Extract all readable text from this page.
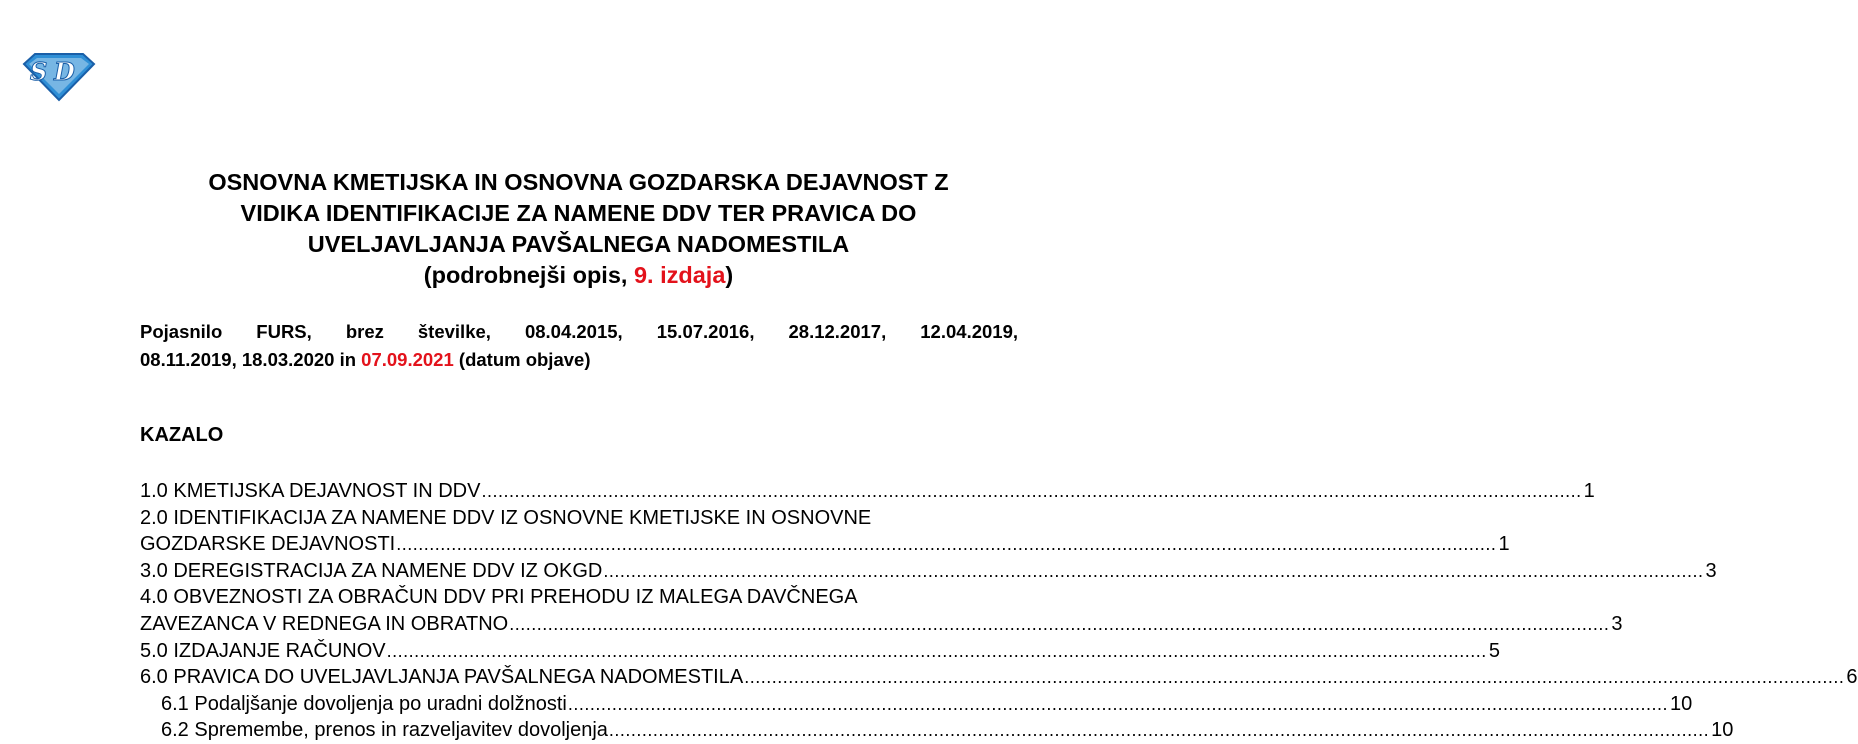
S D
OSNOVNA KMETIJSKA IN OSNOVNA GOZDARSKA DEJAVNOST Z
VIDIKA IDENTIFIKACIJE ZA NAMENE DDV TER PRAVICA DO
UVELJAVLJANJA PAVŠALNEGA NADOMESTILA
(podrobnejši opis, 9. izdaja)
Pojasnilo FURS, brez številke, 08.04.2015, 15.07.2016, 28.12.2017, 12.04.2019,
08.11.2019, 18.03.2020 in 07.09.2021 (datum objave)
KAZALO
1.0 KMETIJSKA DEJAVNOST IN DDV ........................................................................................................................................................................................................ 1
2.0 IDENTIFIKACIJA ZA NAMENE DDV IZ OSNOVNE KMETIJSKE IN OSNOVNE
GOZDARSKE DEJAVNOSTI ........................................................................................................................................................................................................ 1
3.0 DEREGISTRACIJA ZA NAMENE DDV IZ OKGD ........................................................................................................................................................................................................ 3
4.0 OBVEZNOSTI ZA OBRAČUN DDV PRI PREHODU IZ MALEGA DAVČNEGA
ZAVEZANCA V REDNEGA IN OBRATNO ........................................................................................................................................................................................................ 3
5.0 IZDAJANJE RAČUNOV ........................................................................................................................................................................................................ 5
6.0 PRAVICA DO UVELJAVLJANJA PAVŠALNEGA NADOMESTILA ........................................................................................................................................................................................................ 6
6.1 Podaljšanje dovoljenja po uradni dolžnosti ........................................................................................................................................................................................................ 10
6.2 Spremembe, prenos in razveljavitev dovoljenja ........................................................................................................................................................................................................ 10
